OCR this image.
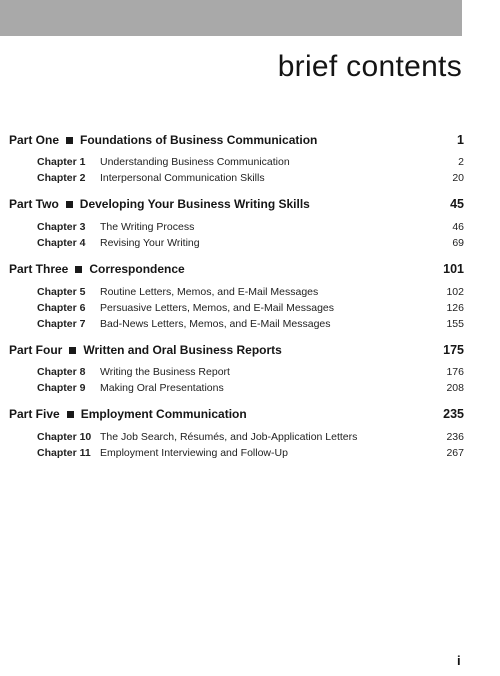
brief contents
Part One Foundations of Business Communication	1
Chapter 1	Understanding Business Communication	2
Chapter 2	Interpersonal Communication Skills	20
Part Two Developing Your Business Writing Skills	45
Chapter 3	The Writing Process	46
Chapter 4	Revising Your Writing	69
Part Three Correspondence	101
Chapter 5	Routine Letters, Memos, and E-Mail Messages	102
Chapter 6	Persuasive Letters, Memos, and E-Mail Messages	126
Chapter 7	Bad-News Letters, Memos, and E-Mail Messages	155
Part Four Written and Oral Business Reports	175
Chapter 8	Writing the Business Report	176
Chapter 9	Making Oral Presentations	208
Part Five Employment Communication	235
Chapter 10 The Job Search, Résumés, and Job-Application Letters	236
Chapter 11 Employment Interviewing and Follow-Up	267
i
